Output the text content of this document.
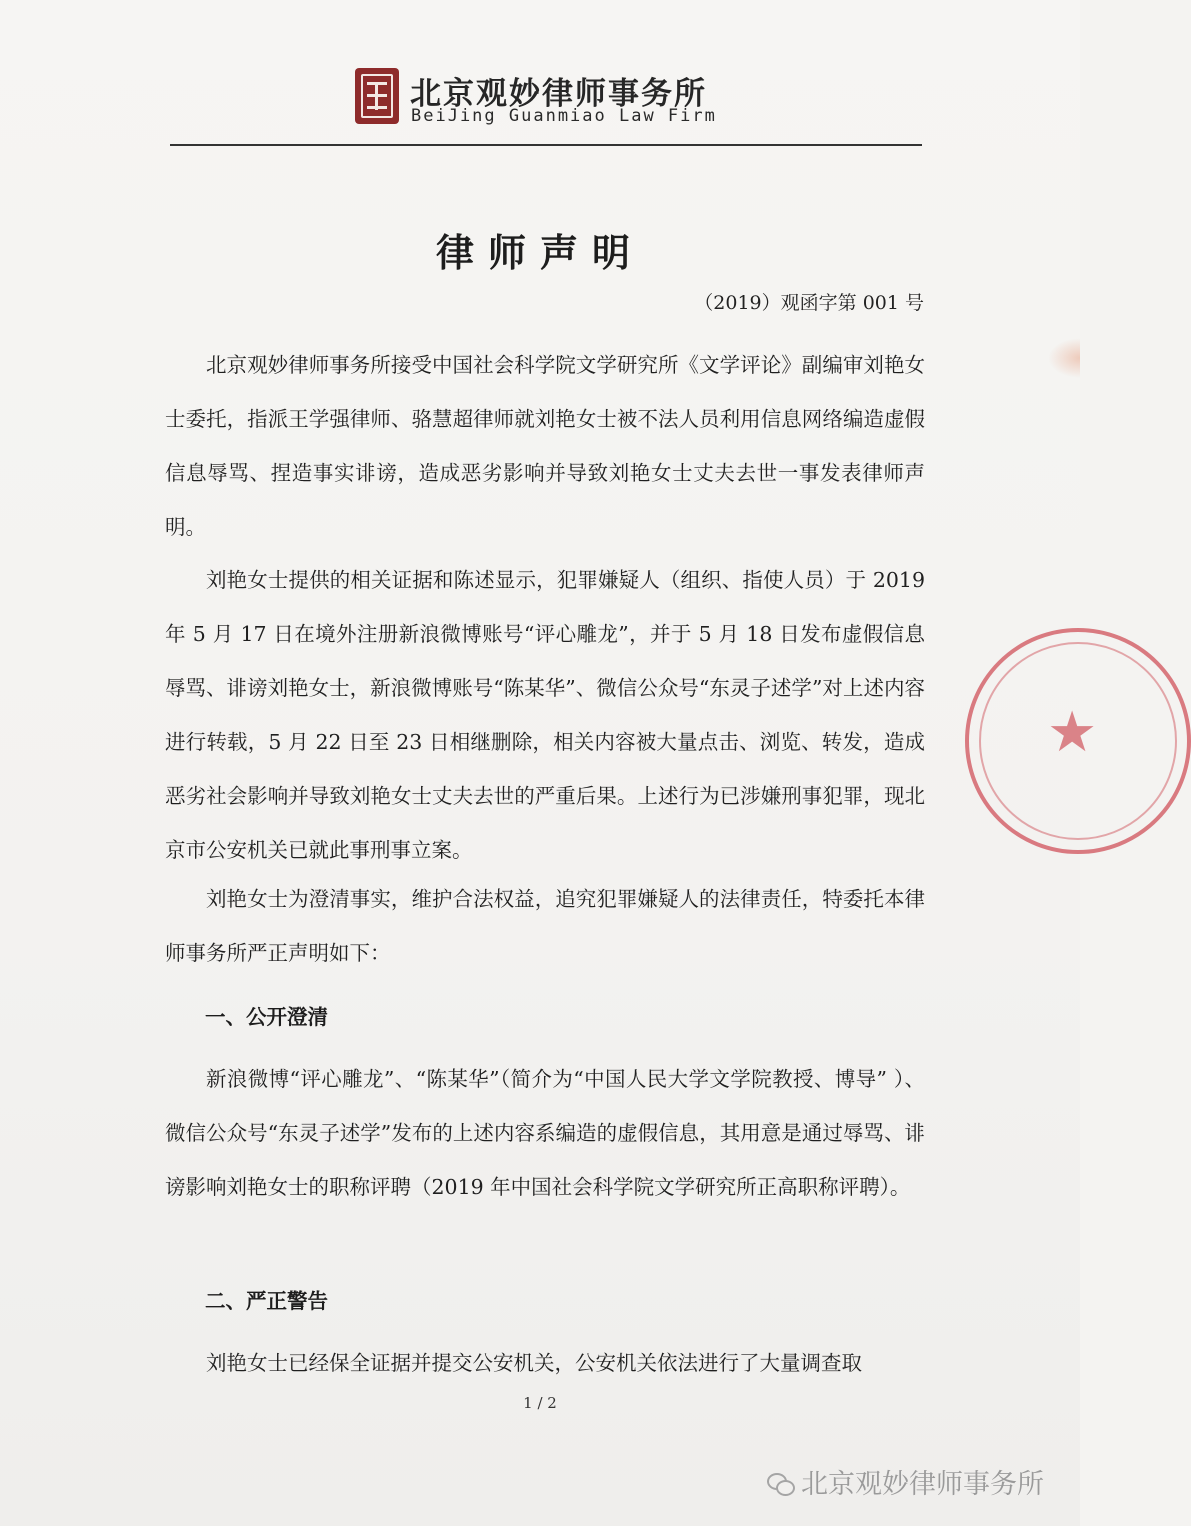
北京观妙律师事务所
BeiJing Guanmiao Law Firm
律师声明
（2019）观函字第 001 号

北京观妙律师事务所接受中国社会科学院文学研究所《文学评论》副编审刘艳女士委托，指派王学强律师、骆慧超律师就刘艳女士被不法人员利用信息网络编造虚假信息辱骂、捏造事实诽谤，造成恶劣影响并导致刘艳女士丈夫去世一事发表律师声明。

刘艳女士提供的相关证据和陈述显示，犯罪嫌疑人（组织、指使人员）于 2019 年 5 月 17 日在境外注册新浪微博账号“评心雕龙”，并于 5 月 18 日发布虚假信息辱骂、诽谤刘艳女士，新浪微博账号“陈某华”、微信公众号“东灵子述学”对上述内容进行转载，5 月 22 日至 23 日相继删除，相关内容被大量点击、浏览、转发，造成恶劣社会影响并导致刘艳女士丈夫去世的严重后果。上述行为已涉嫌刑事犯罪，现北京市公安机关已就此事刑事立案。

刘艳女士为澄清事实，维护合法权益，追究犯罪嫌疑人的法律责任，特委托本律师事务所严正声明如下：

一、公开澄清

新浪微博“评心雕龙”、“陈某华”（简介为“中国人民大学文学院教授、博导” ）、微信公众号“东灵子述学”发布的上述内容系编造的虚假信息，其用意是通过辱骂、诽谤影响刘艳女士的职称评聘（2019 年中国社会科学院文学研究所正高职称评聘）。

二、严正警告

刘艳女士已经保全证据并提交公安机关，公安机关依法进行了大量调查取

1 / 2
★
北京观妙律师事务所
